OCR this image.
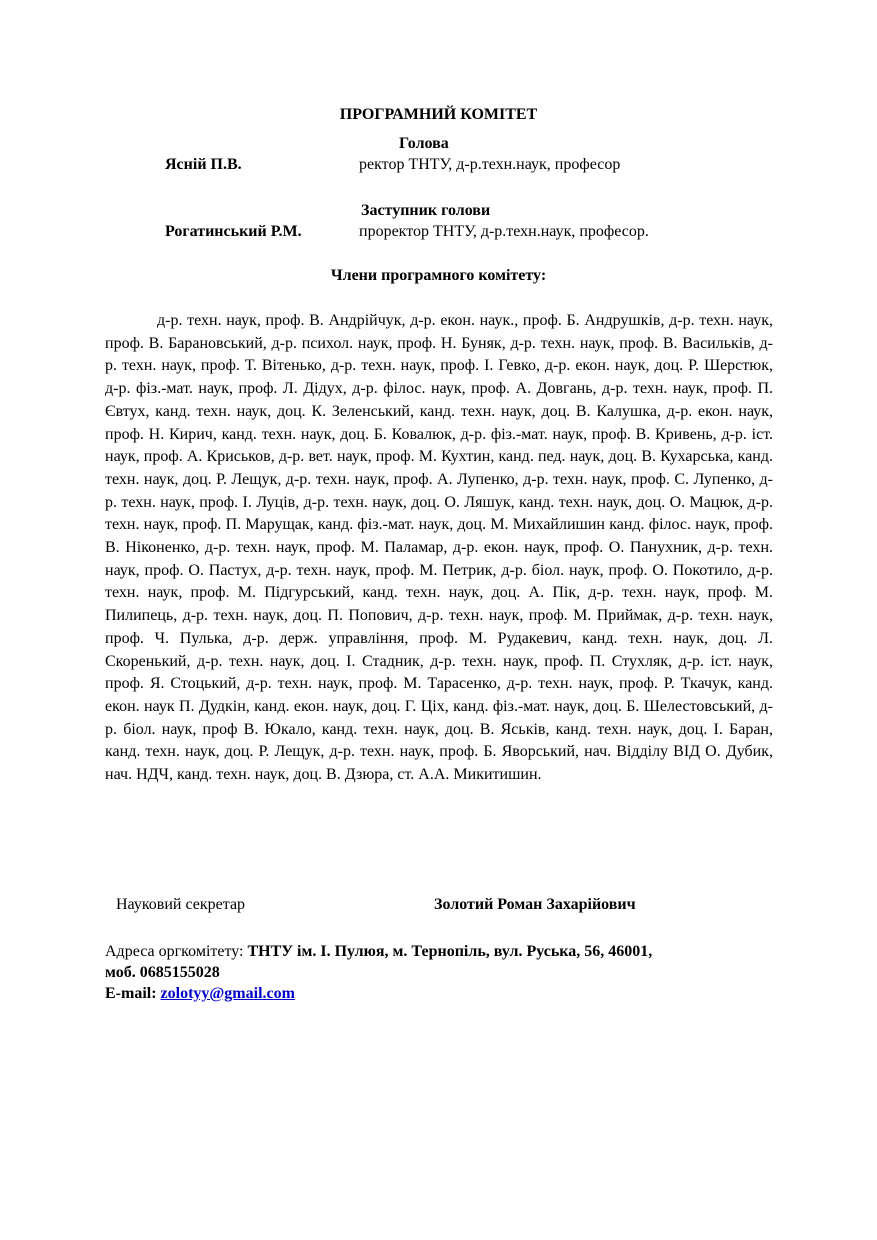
ПРОГРАМНИЙ КОМІТЕТ
Голова
Ясній П.В.	ректор ТНТУ, д-р.техн.наук, професор
Заступник голови
Рогатинський Р.М.	проректор ТНТУ, д-р.техн.наук, професор.
Члени програмного комітету:

д-р. техн. наук, проф. В. Андрійчук, д-р. екон. наук., проф. Б. Андрушків, д-р. техн. наук, проф. В. Барановський, д-р. психол. наук, проф. Н. Буняк, д-р. техн. наук, проф. В. Васильків, д-р. техн. наук, проф. Т. Вітенько, д-р. техн. наук, проф. І. Гевко, д-р. екон. наук, доц. Р. Шерстюк, д-р. фіз.-мат. наук, проф. Л. Дідух, д-р. філос. наук, проф. А. Довгань, д-р. техн. наук, проф. П. Євтух, канд. техн. наук, доц. К. Зеленський, канд. техн. наук, доц. В. Калушка, д-р. екон. наук, проф. Н. Кирич, канд. техн. наук, доц. Б. Ковалюк, д-р. фіз.-мат. наук, проф. В. Кривень, д-р. іст. наук, проф. А. Криськов, д-р. вет. наук, проф. М. Кухтин, канд. пед. наук, доц. В. Кухарська, канд. техн. наук, доц. Р. Лещук, д-р. техн. наук, проф. А. Лупенко, д-р. техн. наук, проф. С. Лупенко, д-р. техн. наук, проф. І. Луців, д-р. техн. наук, доц. О. Ляшук, канд. техн. наук, доц. О. Мацюк, д-р. техн. наук, проф. П. Марущак, канд. фіз.-мат. наук, доц. М. Михайлишин канд. філос. наук, проф. В. Ніконенко, д-р. техн. наук, проф. М. Паламар, д-р. екон. наук, проф. О. Панухник, д-р. техн. наук, проф. О. Пастух, д-р. техн. наук, проф. М. Петрик, д-р. біол. наук, проф. О. Покотило, д-р. техн. наук, проф. М. Підгурський, канд. техн. наук, доц. А. Пік, д-р. техн. наук, проф. М. Пилипець, д-р. техн. наук, доц. П. Попович, д-р. техн. наук, проф. М. Приймак, д-р. техн. наук, проф. Ч. Пулька, д-р. держ. управління, проф. М. Рудакевич, канд. техн. наук, доц. Л. Скоренький, д-р. техн. наук, доц. І. Стадник, д-р. техн. наук, проф. П. Стухляк, д-р. іст. наук, проф. Я. Стоцький, д-р. техн. наук, проф. М. Тарасенко, д-р. техн. наук, проф. Р. Ткачук, канд. екон. наук П. Дудкін, канд. екон. наук, доц. Г. Ціх, канд. фіз.-мат. наук, доц. Б. Шелестовський, д-р. біол. наук, проф В. Юкало, канд. техн. наук, доц. В. Яськів, канд. техн. наук, доц. І. Баран, канд. техн. наук, доц. Р. Лещук, д-р. техн. наук, проф. Б. Яворський, нач. Відділу ВІД О. Дубик, нач. НДЧ, канд. техн. наук, доц. В. Дзюра, ст. А.А. Микитишин.

Науковий секретар	Золотий Роман Захарійович
Адреса оргкомітету: ТНТУ ім. І. Пулюя, м. Тернопіль, вул. Руська, 56, 46001,
моб. 0685155028
E-mail: zolotyy@gmail.com
